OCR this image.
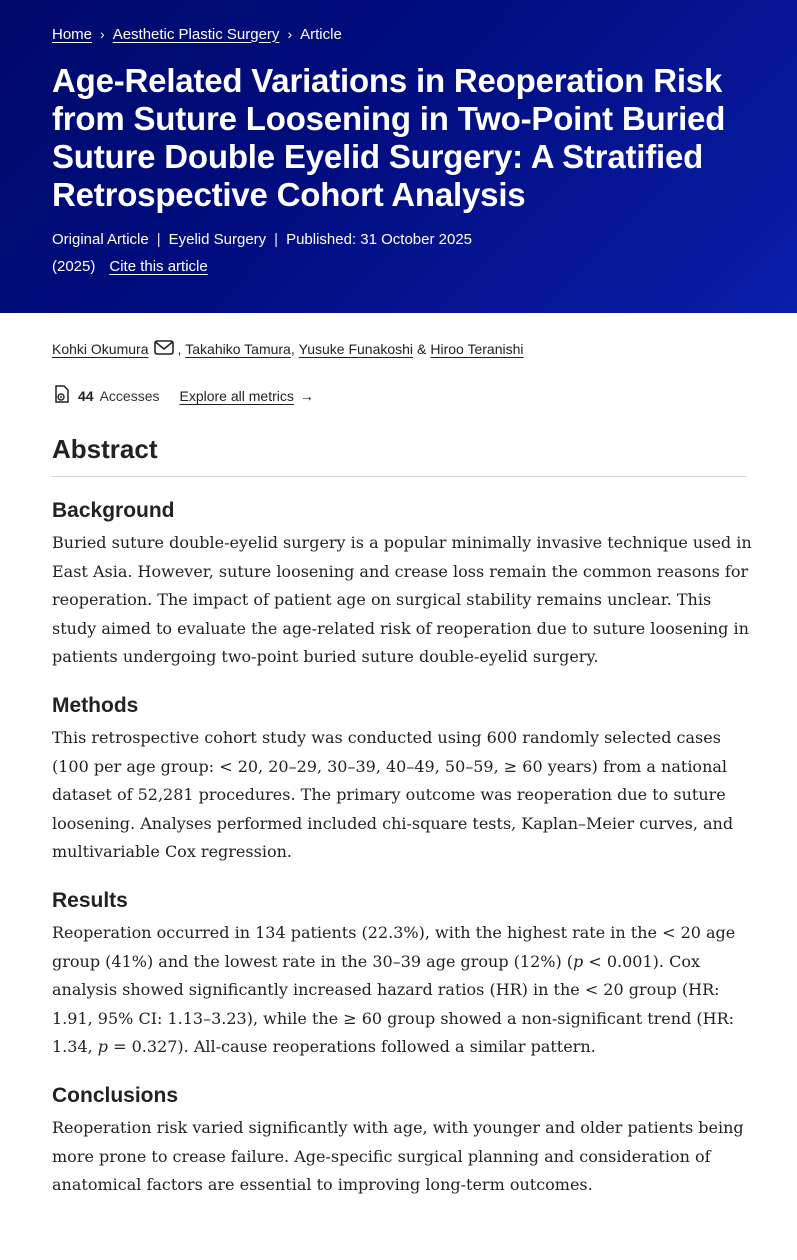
Home › Aesthetic Plastic Surgery › Article
Age-Related Variations in Reoperation Risk from Suture Loosening in Two-Point Buried Suture Double Eyelid Surgery: A Stratified Retrospective Cohort Analysis
Original Article | Eyelid Surgery | Published: 31 October 2025
(2025) Cite this article
Kohki Okumura , Takahiko Tamura , Yusuke Funakoshi & Hiroo Teranishi
44 Accesses Explore all metrics →
Abstract
Background

Buried suture double-eyelid surgery is a popular minimally invasive technique used in East Asia. However, suture loosening and crease loss remain the common reasons for reoperation. The impact of patient age on surgical stability remains unclear. This study aimed to evaluate the age-related risk of reoperation due to suture loosening in patients undergoing two-point buried suture double-eyelid surgery.

Methods

This retrospective cohort study was conducted using 600 randomly selected cases (100 per age group: < 20, 20–29, 30–39, 40–49, 50–59, ≥ 60 years) from a national dataset of 52,281 procedures. The primary outcome was reoperation due to suture loosening. Analyses performed included chi-square tests, Kaplan–Meier curves, and multivariable Cox regression.

Results

Reoperation occurred in 134 patients (22.3%), with the highest rate in the < 20 age group (41%) and the lowest rate in the 30–39 age group (12%) (p < 0.001). Cox analysis showed significantly increased hazard ratios (HR) in the < 20 group (HR: 1.91, 95% CI: 1.13–3.23), while the ≥ 60 group showed a non-significant trend (HR: 1.34, p = 0.327). All-cause reoperations followed a similar pattern.

Conclusions

Reoperation risk varied significantly with age, with younger and older patients being more prone to crease failure. Age-specific surgical planning and consideration of anatomical factors are essential to improving long-term outcomes.
